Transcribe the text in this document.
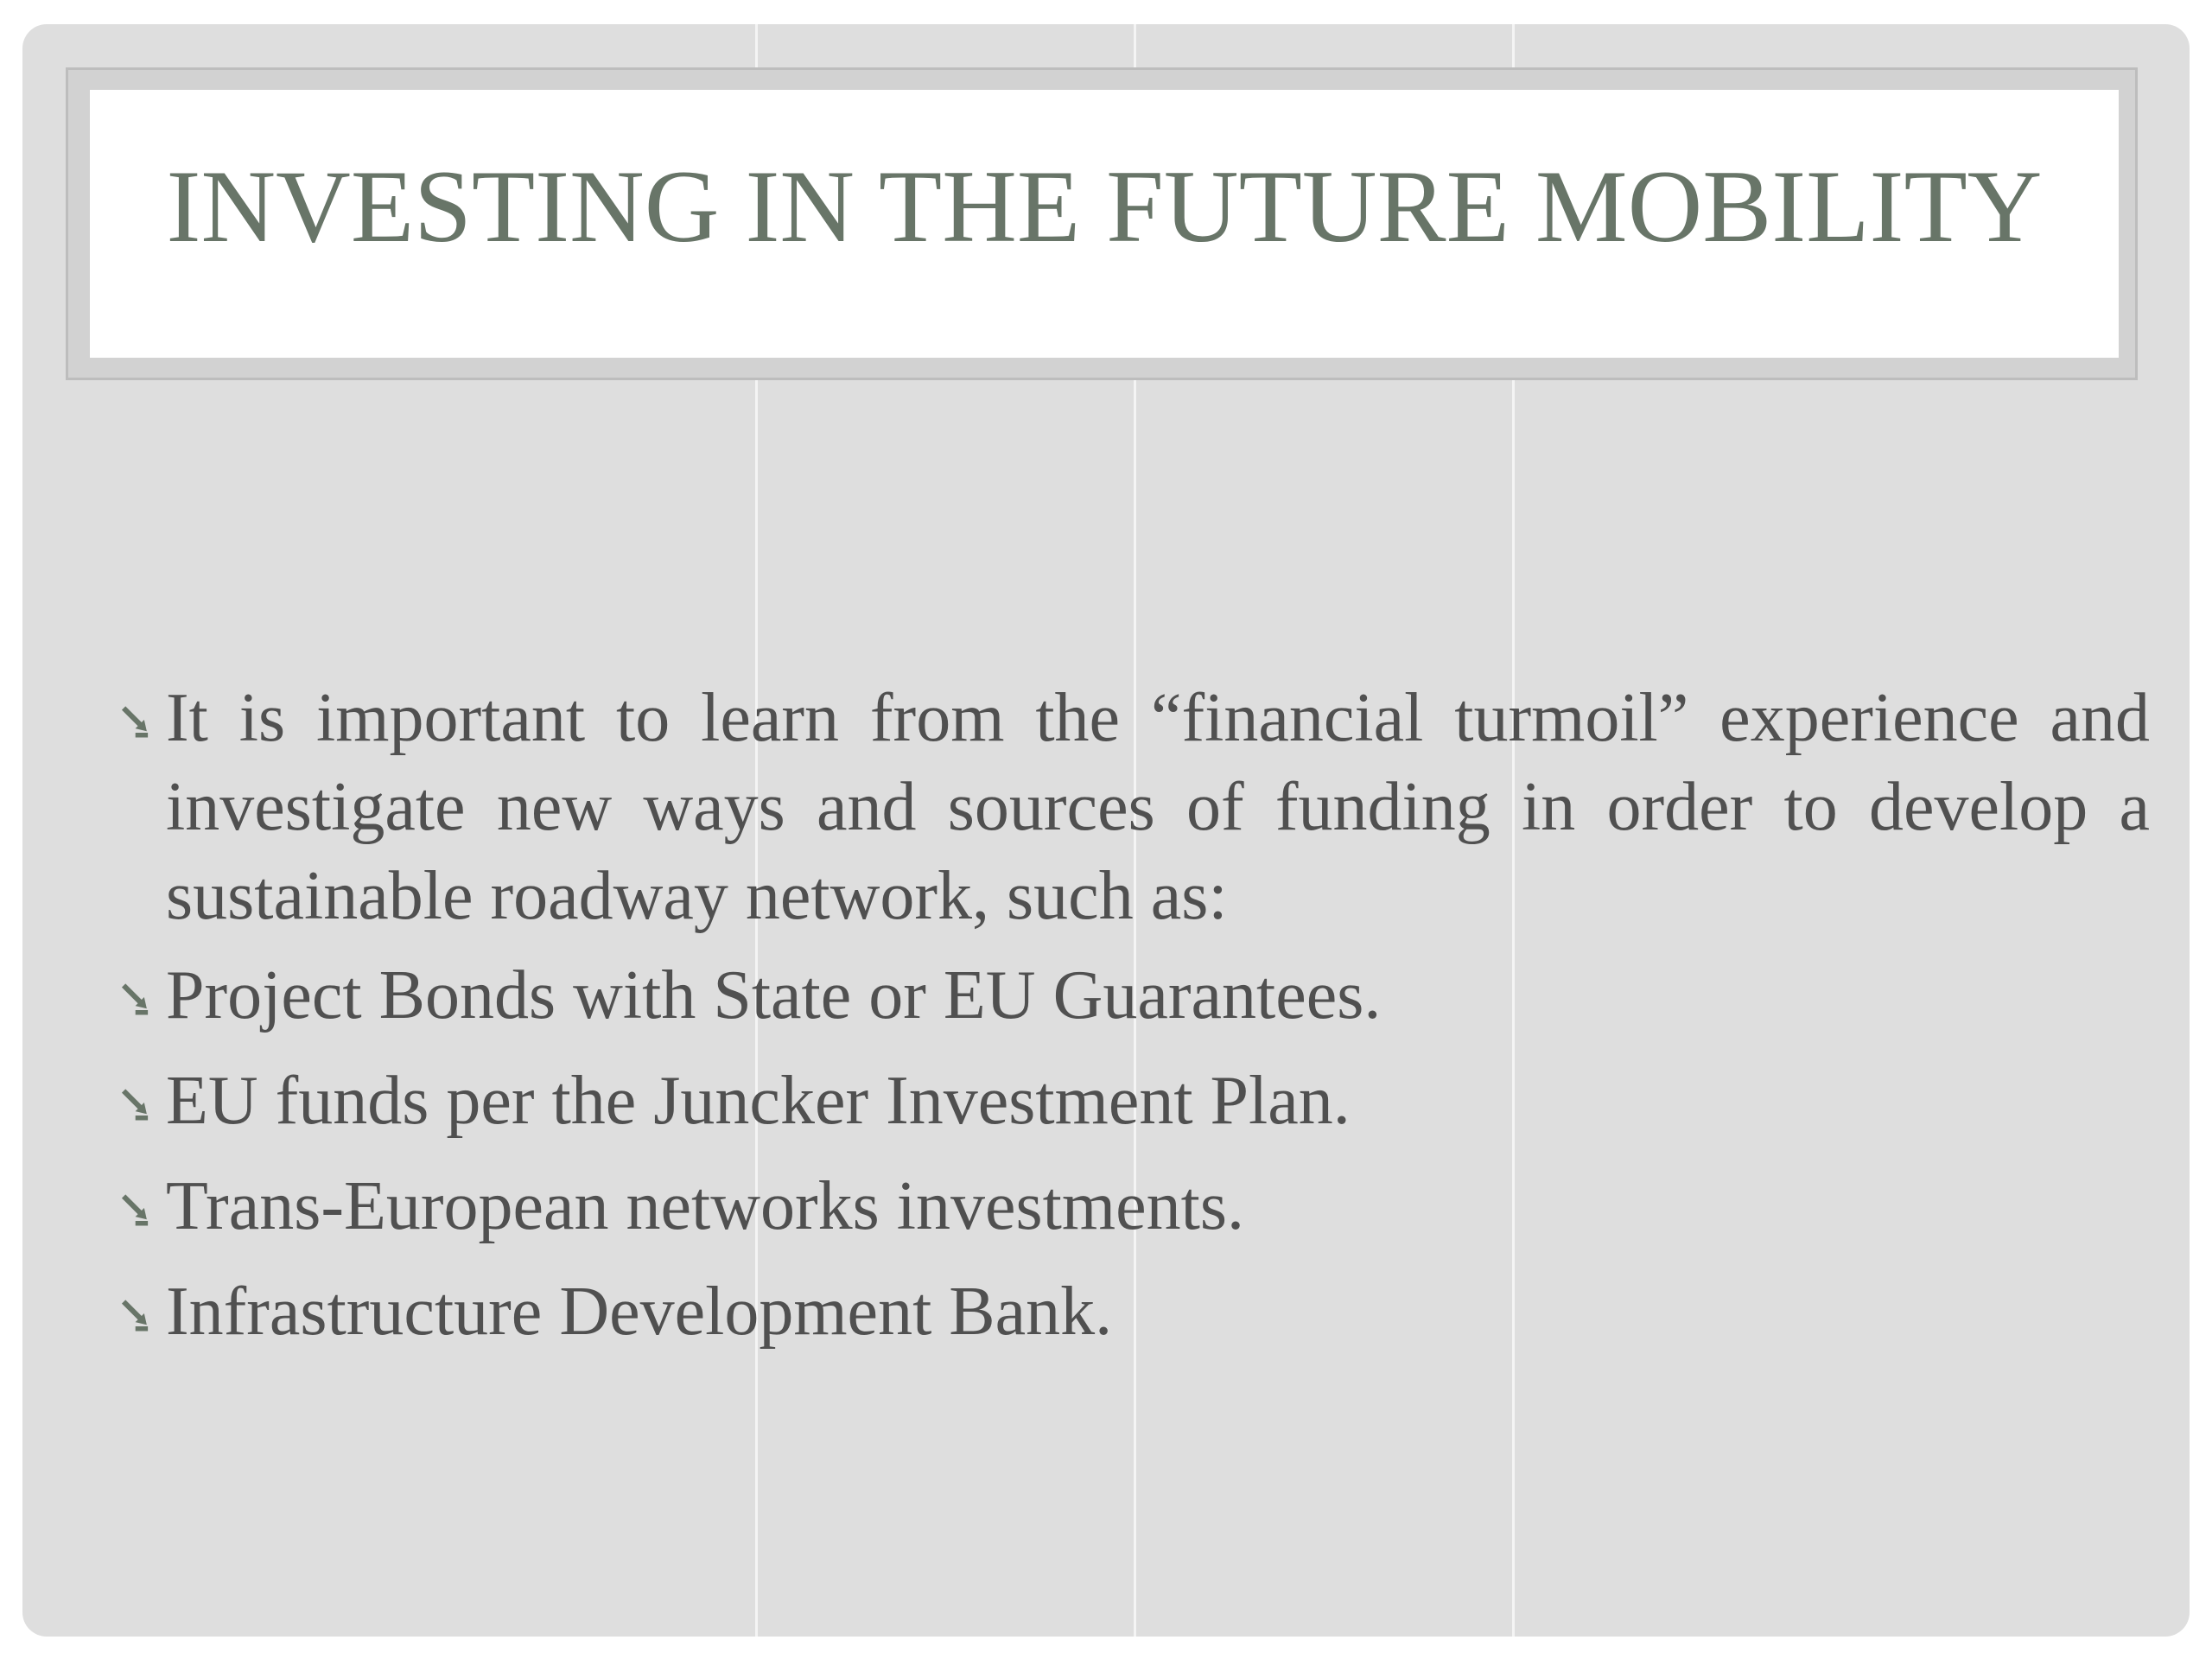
INVESTING IN THE FUTURE MOBILITY

⭸ It is important to learn from the “financial turmoil” experience and investigate new ways and sources of funding in order to develop a sustainable roadway network, such as:

⭸ Project Bonds with State or EU Guarantees.

⭸ EU funds per the Juncker Investment Plan.

⭸ Trans-European networks investments.

⭸ Infrastructure Development Bank.
